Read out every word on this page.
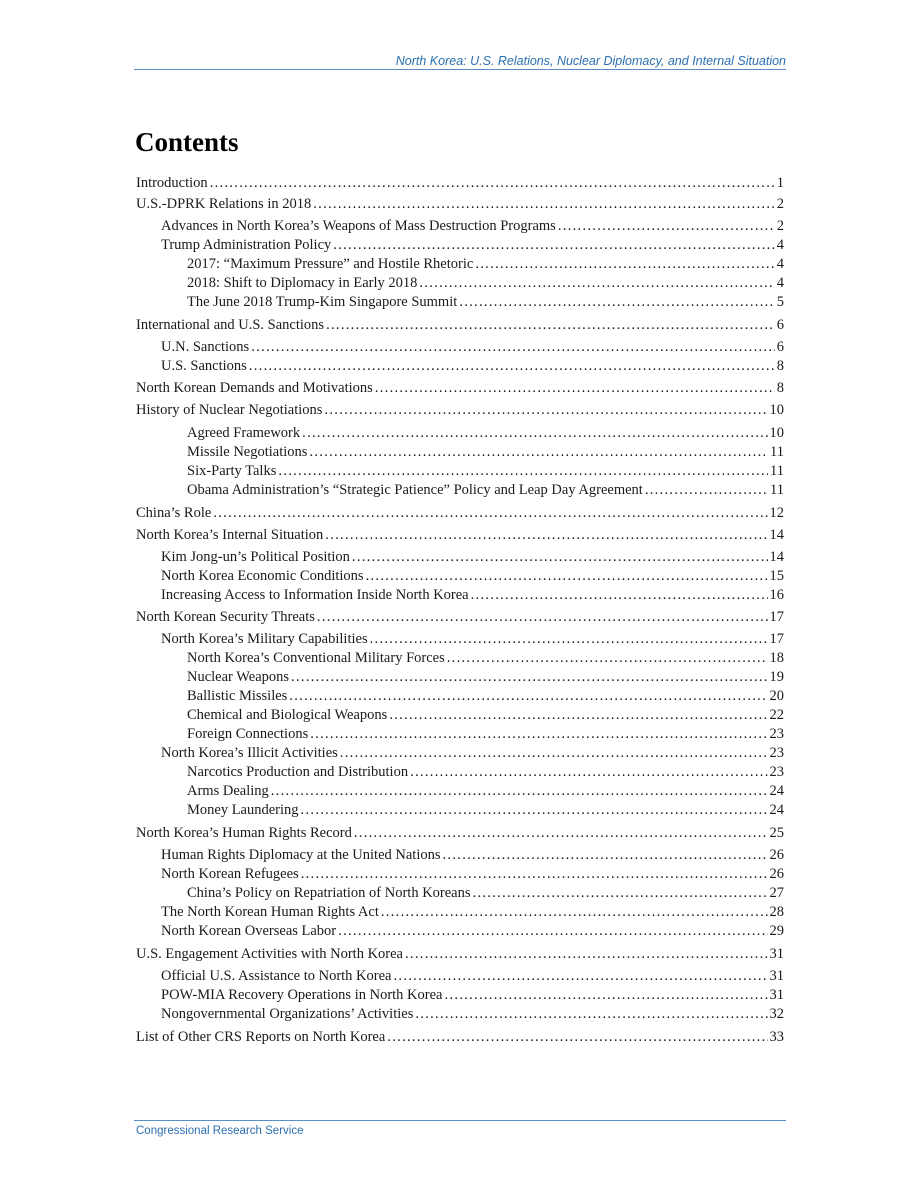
North Korea: U.S. Relations, Nuclear Diplomacy, and Internal Situation
Contents
Introduction .....	1
U.S.-DPRK Relations in 2018 .....	2
Advances in North Korea’s Weapons of Mass Destruction Programs .....	2
Trump Administration Policy .....	4
2017: “Maximum Pressure” and Hostile Rhetoric .....	4
2018: Shift to Diplomacy in Early 2018 .....	4
The June 2018 Trump-Kim Singapore Summit .....	5
International and U.S. Sanctions .....	6
U.N. Sanctions .....	6
U.S. Sanctions .....	8
North Korean Demands and Motivations .....	8
History of Nuclear Negotiations .....	10
Agreed Framework .....	10
Missile Negotiations .....	11
Six-Party Talks .....	11
Obama Administration’s “Strategic Patience” Policy and Leap Day Agreement .....	11
China’s Role .....	12
North Korea’s Internal Situation .....	14
Kim Jong-un’s Political Position .....	14
North Korea Economic Conditions .....	15
Increasing Access to Information Inside North Korea .....	16
North Korean Security Threats .....	17
North Korea’s Military Capabilities .....	17
North Korea’s Conventional Military Forces .....	18
Nuclear Weapons .....	19
Ballistic Missiles .....	20
Chemical and Biological Weapons .....	22
Foreign Connections .....	23
North Korea’s Illicit Activities .....	23
Narcotics Production and Distribution .....	23
Arms Dealing .....	24
Money Laundering .....	24
North Korea’s Human Rights Record .....	25
Human Rights Diplomacy at the United Nations .....	26
North Korean Refugees .....	26
China’s Policy on Repatriation of North Koreans .....	27
The North Korean Human Rights Act .....	28
North Korean Overseas Labor .....	29
U.S. Engagement Activities with North Korea .....	31
Official U.S. Assistance to North Korea .....	31
POW-MIA Recovery Operations in North Korea .....	31
Nongovernmental Organizations’ Activities .....	32
List of Other CRS Reports on North Korea .....	33
Congressional Research Service
